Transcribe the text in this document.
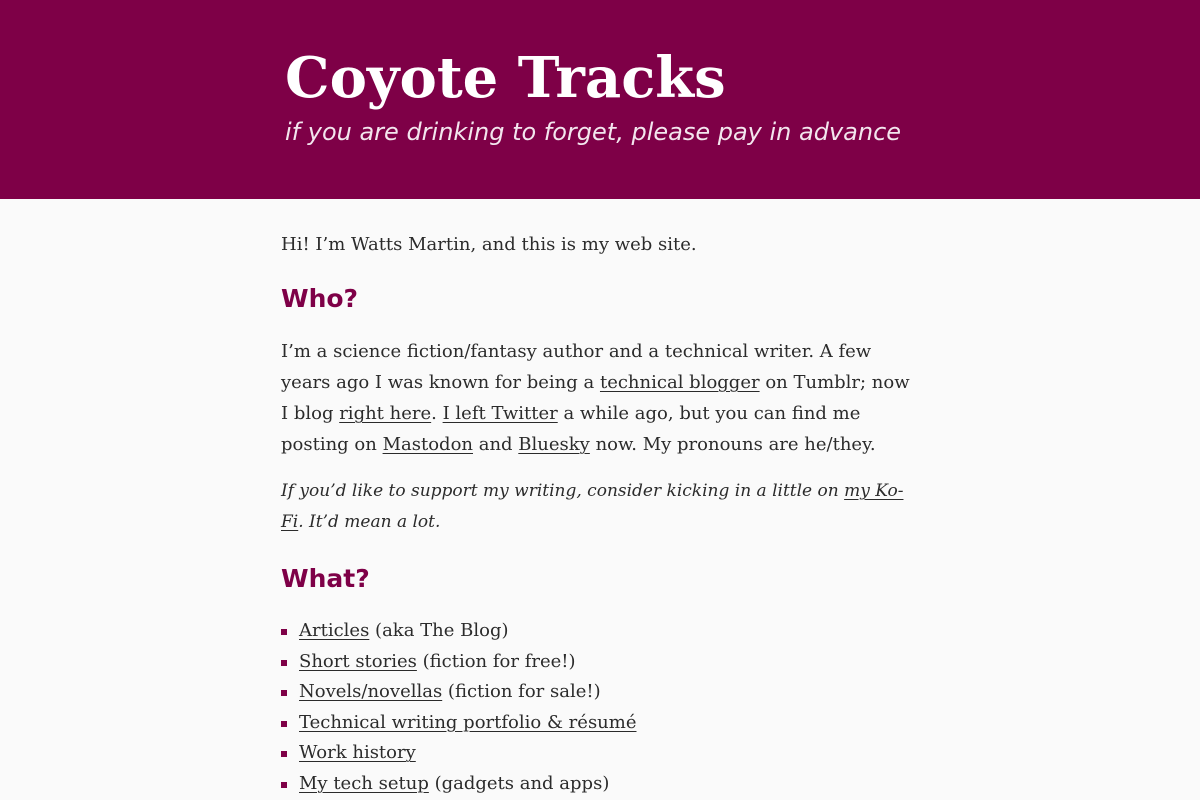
Coyote Tracks

if you are drinking to forget, please pay in advance

Hi! I’m Watts Martin, and this is my web site.

Who?

I’m a science fiction/fantasy author and a technical writer. A few years ago I was known for being a technical blogger on Tumblr; now I blog right here. I left Twitter a while ago, but you can find me posting on Mastodon and Bluesky now. My pronouns are he/they.

If you’d like to support my writing, consider kicking in a little on my Ko-Fi. It’d mean a lot.

What?
Articles (aka The Blog)
Short stories (fiction for free!)
Novels/novellas (fiction for sale!)
Technical writing portfolio & résumé
Work history
My tech setup (gadgets and apps)
